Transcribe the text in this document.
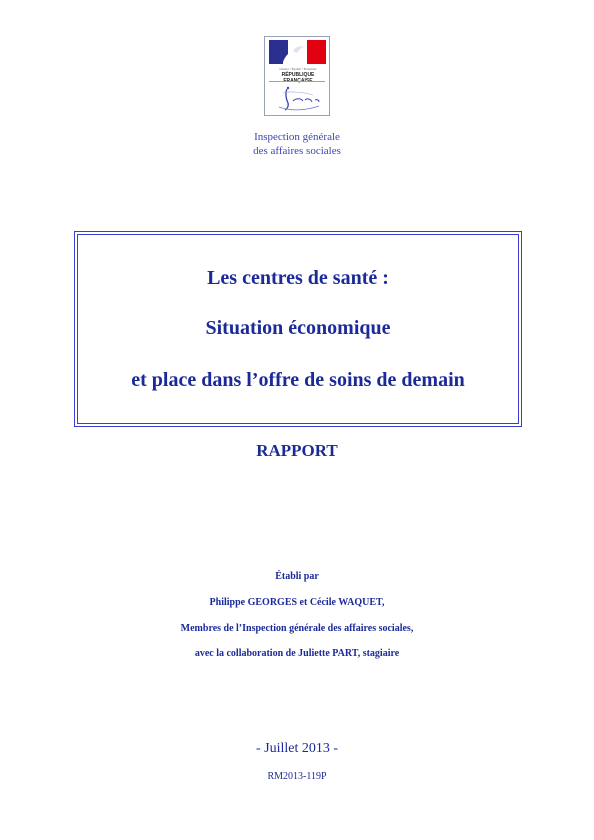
Liberté • Égalité • Fraternité
RÉPUBLIQUE
Inspection générale
des affaires sociales
Les centres de santé :
Situation économique
et place dans l’offre de soins de demain
RAPPORT
Établi par
Philippe GEORGES et Cécile WAQUET,
Membres de l’Inspection générale des affaires sociales,
avec la collaboration de Juliette PART, stagiaire
- Juillet 2013 -
RM2013-119P
